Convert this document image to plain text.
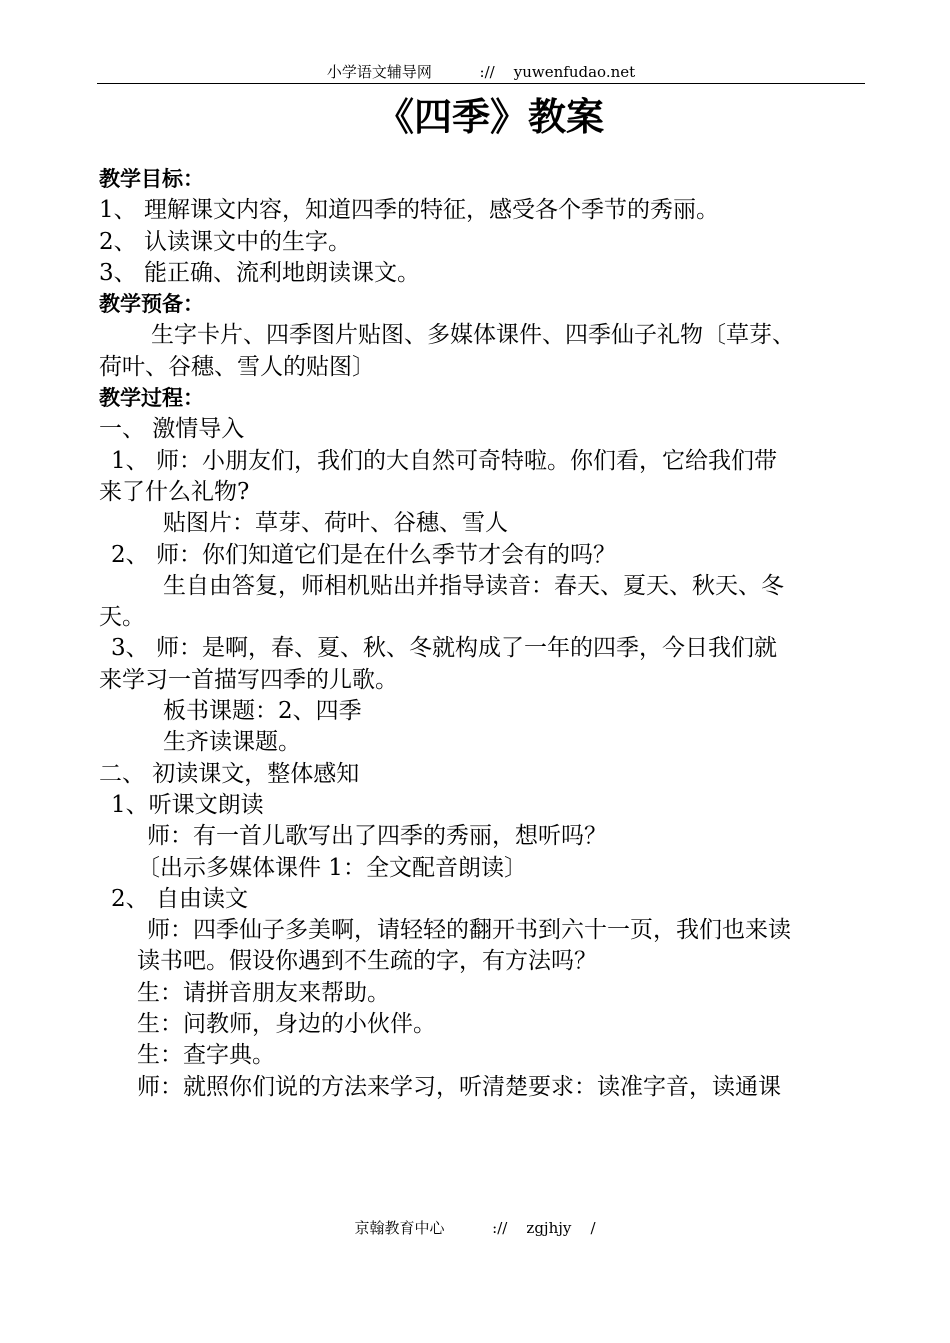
小学语文辅导网	:// yuwenfudao.net
《四季》教案
教学目标：
1、 理解课文内容，知道四季的特征，感受各个季节的秀丽。
2、 认读课文中的生字。
3、 能正确、流利地朗读课文。
教学预备：
生字卡片、四季图片贴图、多媒体课件、四季仙子礼物〔草芽、
荷叶、谷穗、雪人的贴图〕
教学过程：
一、 激情导入
1、 师：小朋友们，我们的大自然可奇特啦。你们看，它给我们带
来了什么礼物?
贴图片：草芽、荷叶、谷穗、雪人
2、 师：你们知道它们是在什么季节才会有的吗？
生自由答复，师相机贴出并指导读音：春天、夏天、秋天、冬
天。
3、 师：是啊，春、夏、秋、冬就构成了一年的四季，今日我们就
来学习一首描写四季的儿歌。
板书课题：2、四季
生齐读课题。
二、 初读课文，整体感知
1、听课文朗读
师：有一首儿歌写出了四季的秀丽，想听吗？
〔出示多媒体课件 1：全文配音朗读〕
2、 自由读文
师：四季仙子多美啊，请轻轻的翻开书到六十一页，我们也来读
读书吧。假设你遇到不生疏的字，有方法吗？
生：请拼音朋友来帮助。
生：问教师，身边的小伙伴。
生：查字典。
师：就照你们说的方法来学习，听清楚要求：读准字音，读通课
京翰教育中心	:// zgjhjy /
